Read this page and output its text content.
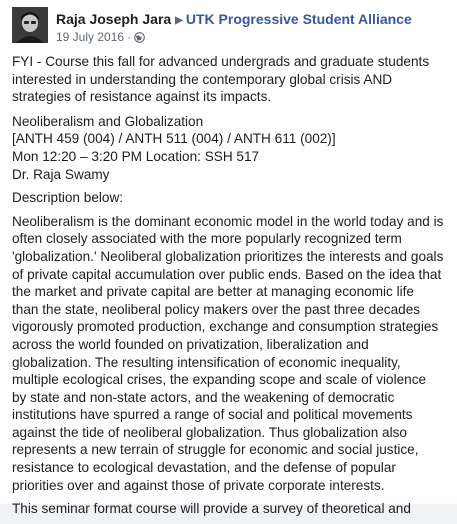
Raja Joseph Jara ▶ UTK Progressive Student Alliance
19 July 2016 ·

FYI - Course this fall for advanced undergrads and graduate students interested in understanding the contemporary global crisis AND strategies of resistance against its impacts.

Neoliberalism and Globalization
[ANTH 459 (004) / ANTH 511 (004) / ANTH 611 (002)]
Mon 12:20 – 3:20 PM Location: SSH 517
Dr. Raja Swamy

Description below:

Neoliberalism is the dominant economic model in the world today and is often closely associated with the more popularly recognized term 'globalization.' Neoliberal globalization prioritizes the interests and goals of private capital accumulation over public ends. Based on the idea that the market and private capital are better at managing economic life than the state, neoliberal policy makers over the past three decades vigorously promoted production, exchange and consumption strategies across the world founded on privatization, liberalization and globalization. The resulting intensification of economic inequality, multiple ecological crises, the expanding scope and scale of violence by state and non-state actors, and the weakening of democratic institutions have spurred a range of social and political movements against the tide of neoliberal globalization. Thus globalization also represents a new terrain of struggle for economic and social justice, resistance to ecological devastation, and the defense of popular priorities over and against those of private corporate interests.

This seminar format course will provide a survey of theoretical and
